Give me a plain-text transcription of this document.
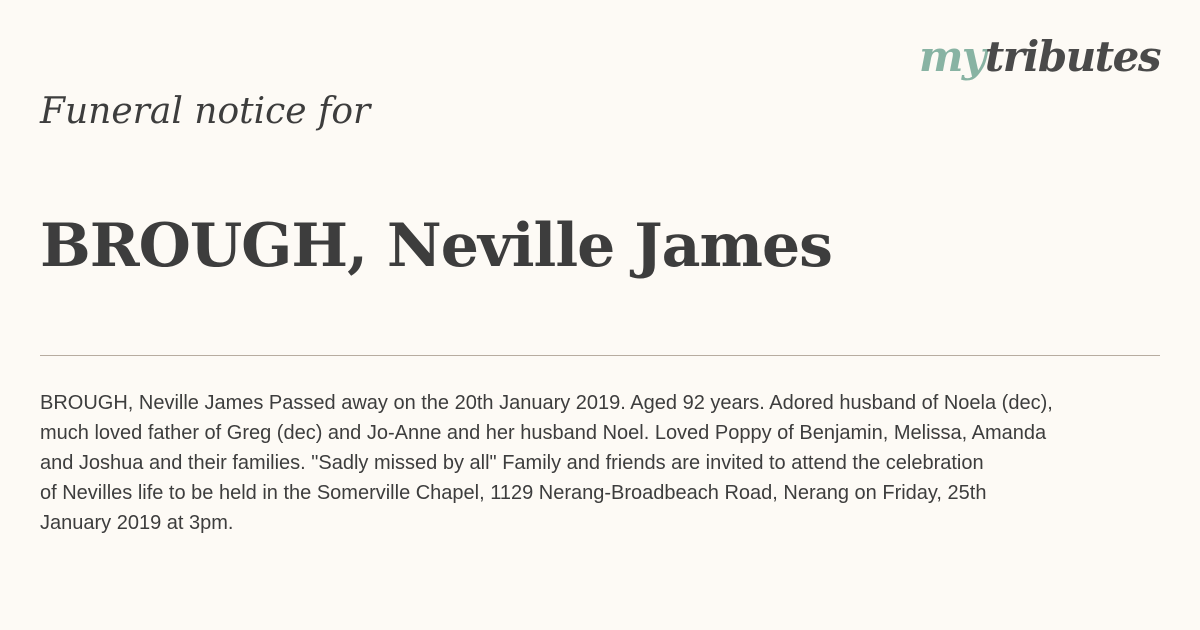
mytributes
Funeral notice for
BROUGH, Neville James

BROUGH, Neville James Passed away on the 20th January 2019. Aged 92 years. Adored husband of Noela (dec),
much loved father of Greg (dec) and Jo-Anne and her husband Noel. Loved Poppy of Benjamin, Melissa, Amanda
and Joshua and their families. "Sadly missed by all" Family and friends are invited to attend the celebration
of Nevilles life to be held in the Somerville Chapel, 1129 Nerang-Broadbeach Road, Nerang on Friday, 25th
January 2019 at 3pm.
